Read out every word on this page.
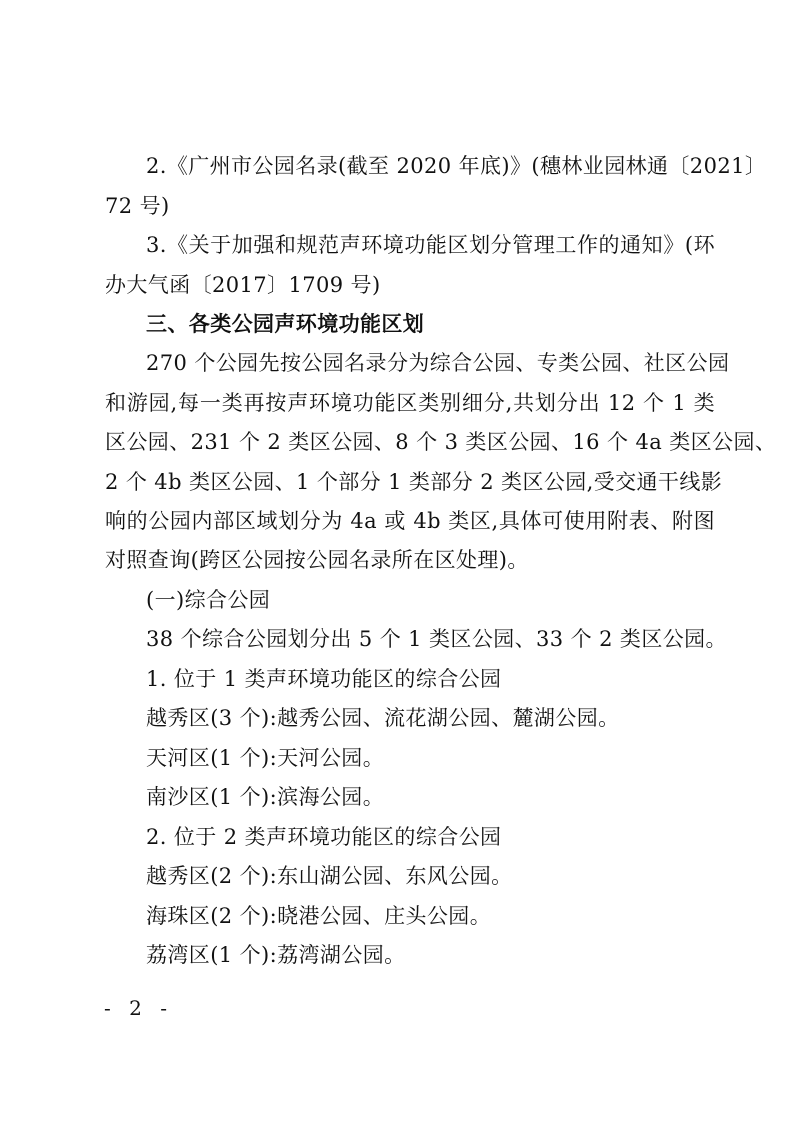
2.《广州市公园名录(截至 2020 年底)》(穗林业园林通〔2021〕
72 号)
3.《关于加强和规范声环境功能区划分管理工作的通知》(环
办大气函〔2017〕1709 号)
三、各类公园声环境功能区划
270 个公园先按公园名录分为综合公园、专类公园、社区公园
和游园,每一类再按声环境功能区类别细分,共划分出 12 个 1 类
区公园、231 个 2 类区公园、8 个 3 类区公园、16 个 4a 类区公园、
2 个 4b 类区公园、1 个部分 1 类部分 2 类区公园,受交通干线影
响的公园内部区域划分为 4a 或 4b 类区,具体可使用附表、附图
对照查询(跨区公园按公园名录所在区处理)。
(一)综合公园
38 个综合公园划分出 5 个 1 类区公园、33 个 2 类区公园。
1. 位于 1 类声环境功能区的综合公园
越秀区(3 个):越秀公园、流花湖公园、麓湖公园。
天河区(1 个):天河公园。
南沙区(1 个):滨海公园。
2. 位于 2 类声环境功能区的综合公园
越秀区(2 个):东山湖公园、东风公园。
海珠区(2 个):晓港公园、庄头公园。
荔湾区(1 个):荔湾湖公园。
- 2 -
